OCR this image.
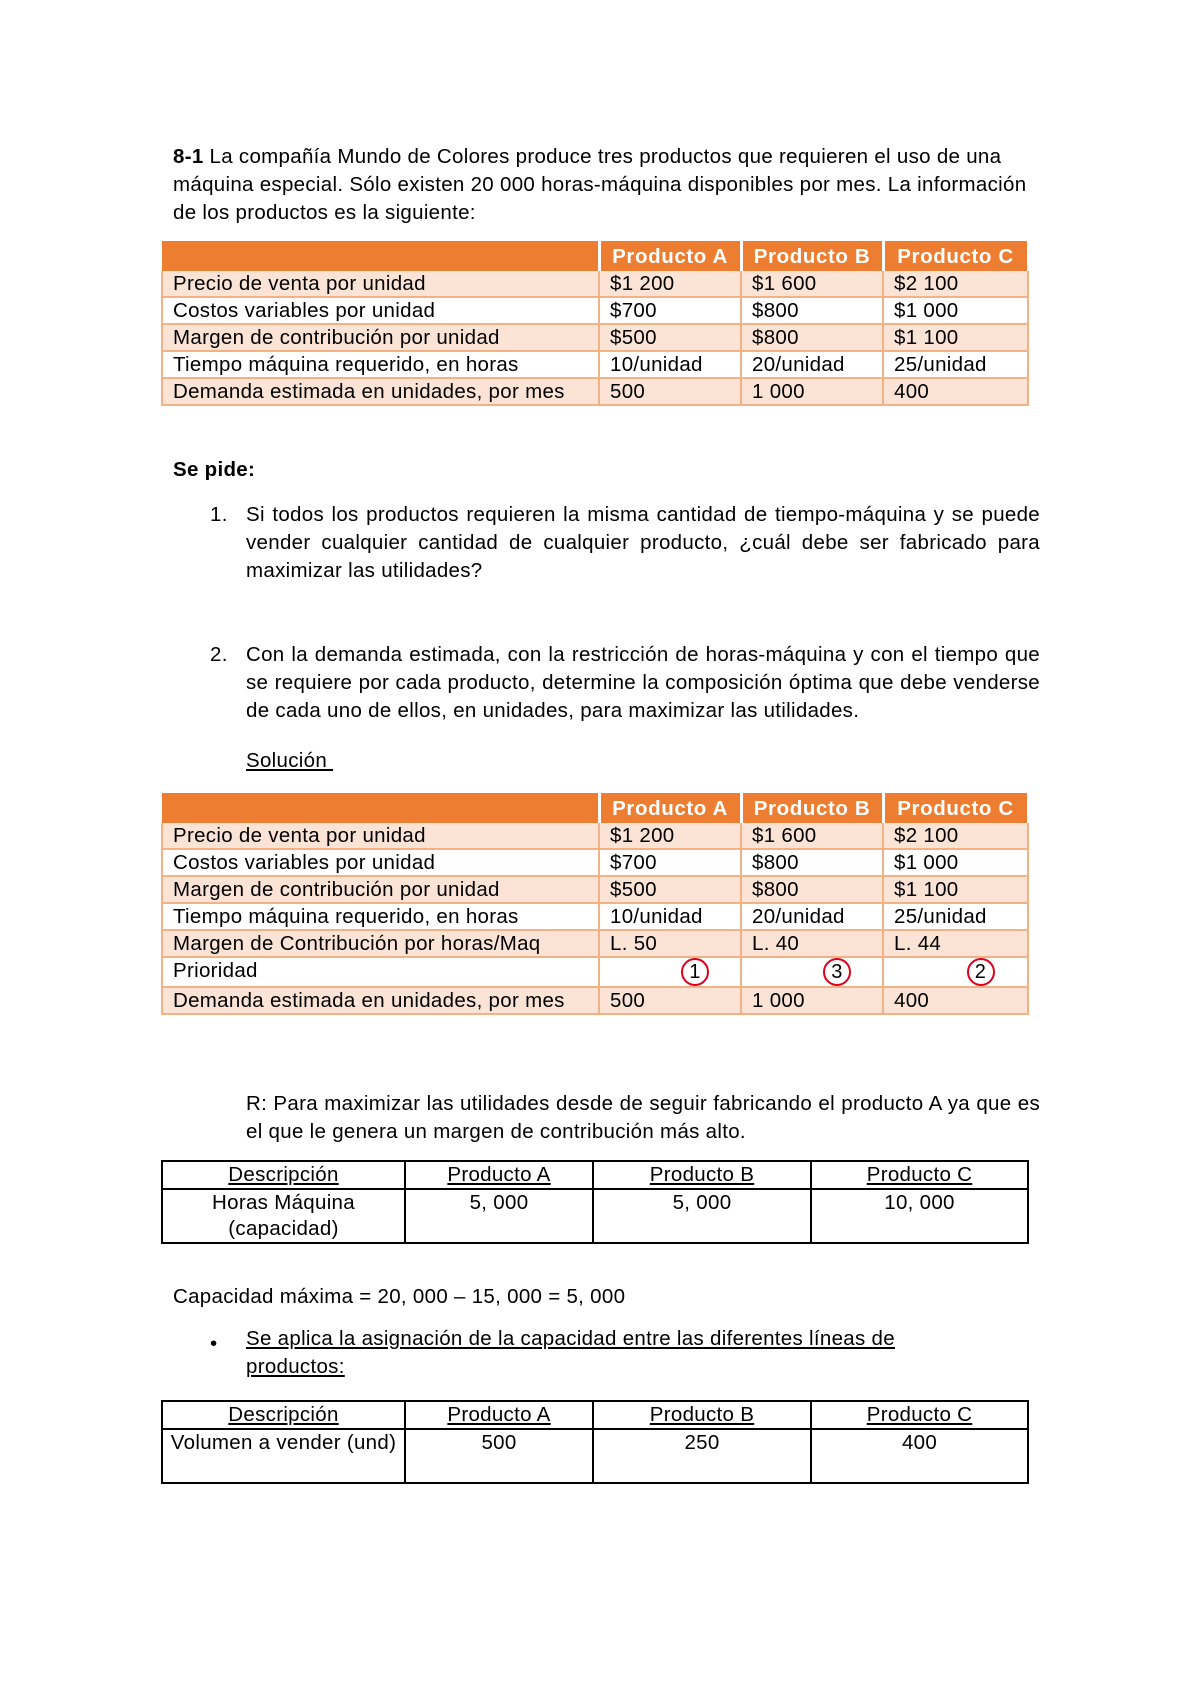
8-1 La compañía Mundo de Colores produce tres productos que requieren el uso de una máquina especial. Sólo existen 20 000 horas-máquina disponibles por mes. La información de los productos es la siguiente:
	Producto A	Producto B	Producto C
Precio de venta por unidad	$1 200	$1 600	$2 100
Costos variables por unidad	$700	$800	$1 000
Margen de contribución por unidad	$500	$800	$1 100
Tiempo máquina requerido, en horas	10/unidad	20/unidad	25/unidad
Demanda estimada en unidades, por mes	500	1 000	400
Se pide:
1. Si todos los productos requieren la misma cantidad de tiempo-máquina y se puede vender cualquier cantidad de cualquier producto, ¿cuál debe ser fabricado para maximizar las utilidades?
2. Con la demanda estimada, con la restricción de horas-máquina y con el tiempo que se requiere por cada producto, determine la composición óptima que debe venderse de cada uno de ellos, en unidades, para maximizar las utilidades.
Solución
	Producto A	Producto B	Producto C
Precio de venta por unidad	$1 200	$1 600	$2 100
Costos variables por unidad	$700	$800	$1 000
Margen de contribución por unidad	$500	$800	$1 100
Tiempo máquina requerido, en horas	10/unidad	20/unidad	25/unidad
Margen de Contribución por horas/Maq	L. 50	L. 40	L. 44
Prioridad	1	3	2
Demanda estimada en unidades, por mes	500	1 000	400
R: Para maximizar las utilidades desde de seguir fabricando el producto A ya que es el que le genera un margen de contribución más alto.
Descripción	Producto A	Producto B	Producto C
Horas Máquina (capacidad)	5, 000	5, 000	10, 000
Capacidad máxima = 20, 000 – 15, 000 = 5, 000
• Se aplica la asignación de la capacidad entre las diferentes líneas de productos:
Descripción	Producto A	Producto B	Producto C
Volumen a vender (und)	500	250	400
